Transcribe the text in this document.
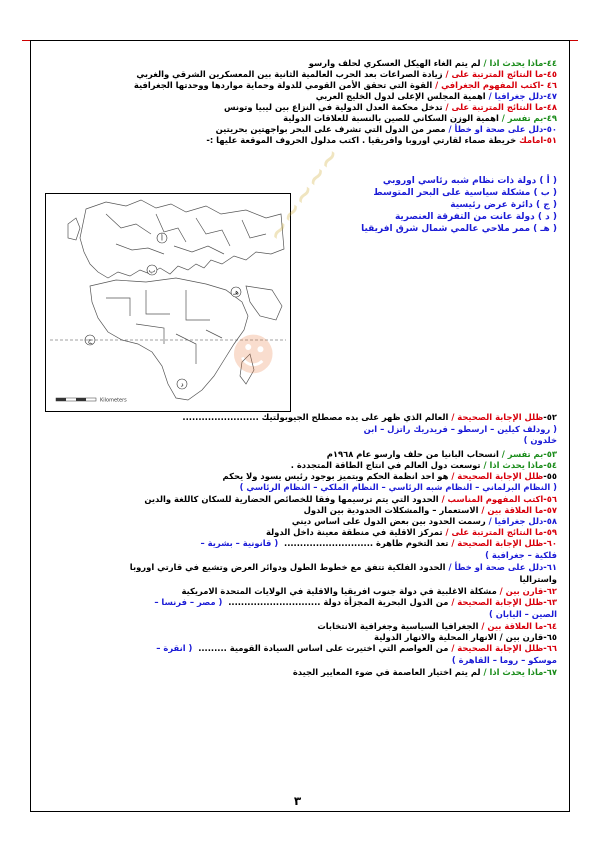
٤٤-ماذا يحدث اذا / لم يتم الغاء الهيكل العسكري لحلف وارسو
٤٥-ما النتائج المترتبة على / زيادة الصراعات بعد الحرب العالمية الثانية بين المعسكرين الشرقي والغربي
٤٦ -اكتب المفهوم الجغرافي / القوة التي تحقق الأمن القومي للدولة وحماية مواردها ووحدتها الجغرافية
٤٧-دلل جغرافيا / اهمية المجلس الإعلى لدول الخليج العربي
٤٨-ما النتائج المترتبة على / تدخل محكمة العدل الدولية في النزاع بين ليبيا وتونس
٤٩-بم تفسر / اهمية الوزن السكاني للصين بالنسبة للعلاقات الدولية
٥٠-دلل على صحة او خطأ / مصر من الدول التي تشرف على البحر بواجهتين بحريتين
٥١-امامك خريطة صماء لقارتي اوروبا وافريقيا . اكتب مدلول الحروف الموقعة عليها :-
( أ ) دولة ذات نظام شبه رئاسي اوروبي
( ب ) مشكلة سياسية على البحر المتوسط
( ج ) دائرة عرض رئيسية
( د ) دولة عانت من التفرقة العنصرية
( هـ ) ممر ملاحي عالمي شمال شرق افريقيا
أ
ب
هـ
ج
د
Kilometers
~~~~~
☻
٥٢-ظلل الإجابة الصحيحة / العالم الذي ظهر على يده مصطلح الجيوبولتيك ........................
( رودلف كيلين – ارسطو – فريدريك راتزل – ابن
خلدون )
٥٣-بم تفسر / انسحاب البانيا من حلف وارسو عام ١٩٦٨م
٥٤-ماذا يحدث اذا / توسعت دول العالم في انتاج الطاقة المتجددة .
٥٥-ظلل الإجابة الصحيحة / هو احد انظمة الحكم ويتميز بوجود رئيس يسود ولا يحكم
( النظام البرلماني – النظام شبه الرئاسي – النظام الملكي – النظام الرئاسي )
٥٦-اكتب المفهوم المناسب / الحدود التي يتم ترسيمها وفقا للخصائص الحضارية للسكان كاللغة والدين
٥٧-ما العلاقة بين / الاستعمار – والمشكلات الحدودية بين الدول
٥٨-دلل جغرافيا / رسمت الحدود بين بعض الدول على اساس ديني
٥٩-ما النتائج المترتبة على / تمركز الاقلية في منطقة معينة داخل الدولة
٦٠-ظلل الإجابة الصحيحة / تعد التخوم ظاهرة ............................  ( قانونية – بشرية –
فلكية – جغرافية )
٦١-دلل على صحة او خطأ / الحدود الفلكية تتفق مع خطوط الطول ودوائر العرض وتشيع في قارتي اوروبا
واستراليا
٦٢-قارن بين / مشكلة الاغلبية في دولة جنوب افريقيا والاقلية في الولايات المتحدة الامريكية
٦٣-ظلل الإجابة الصحيحة / من الدول البحرية المجزأة دولة .............................  ( مصر – فرنسا –
الصين – اليابان )
٦٤-ما العلاقة بين / الجغرافيا السياسية وجغرافية الانتخابات
٦٥-قارن بين / الانهار المحلية والانهار الدولية
٦٦-ظلل الإجابة الصحيحة / من العواصم التي اختيرت على اساس السيادة القومية .........  ( انقرة –
موسكو – روما – القاهرة )
٦٧-ماذا يحدث اذا / لم يتم اختيار العاصمة في ضوء المعايير الجيدة
٣
